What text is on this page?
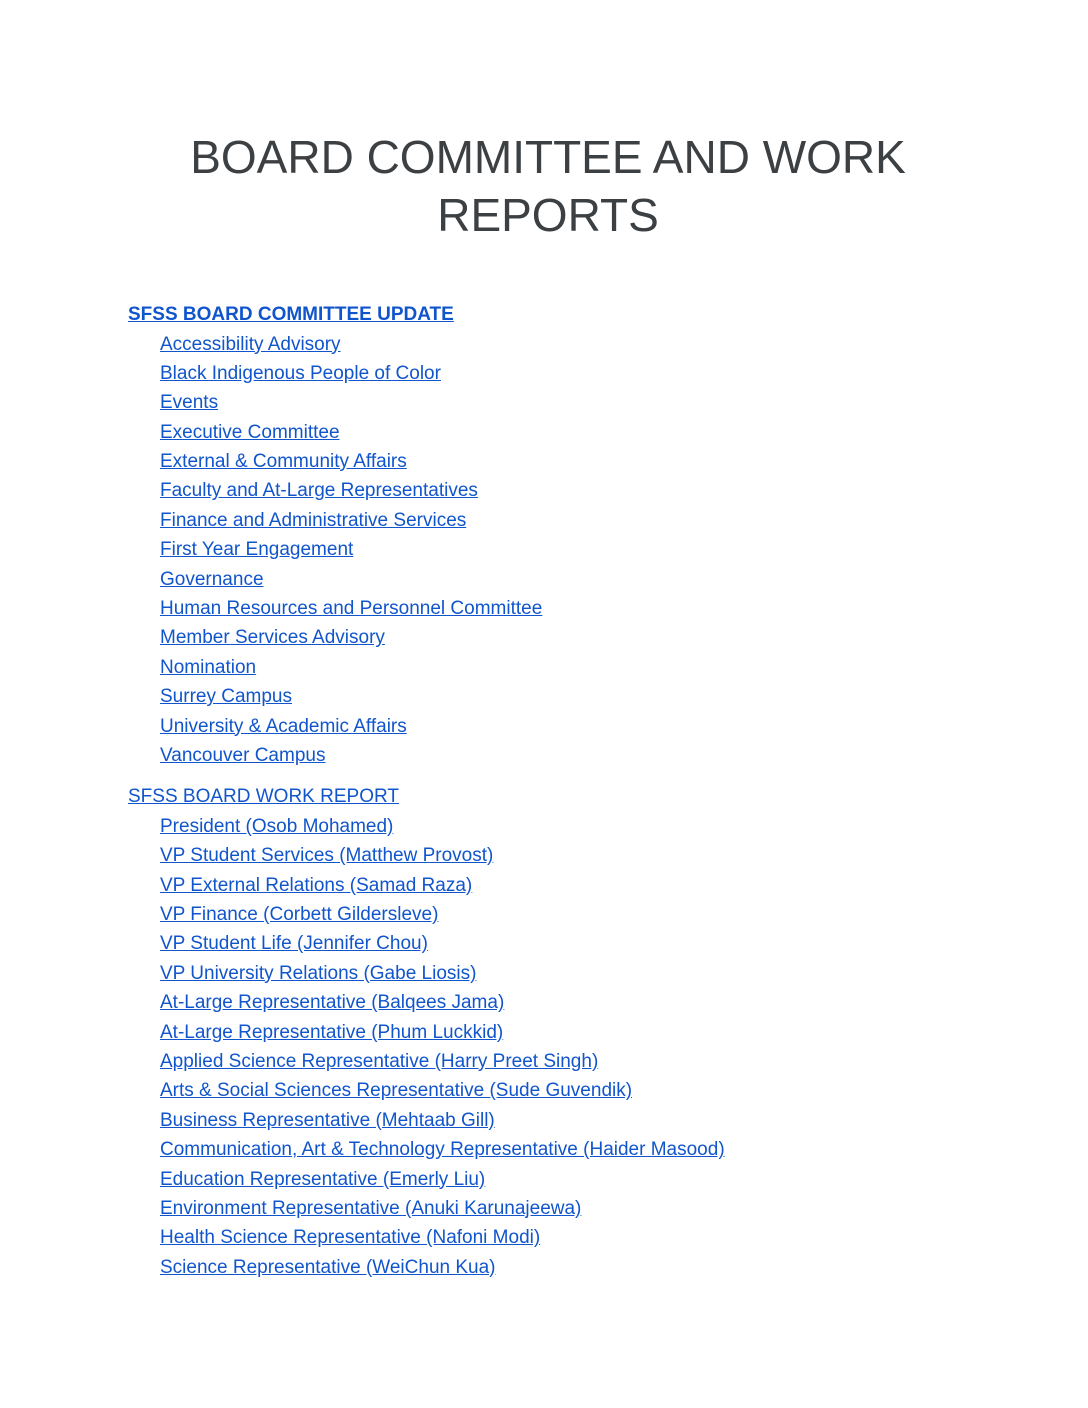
BOARD COMMITTEE AND WORK
REPORTS
SFSS BOARD COMMITTEE UPDATE
Accessibility Advisory
Black Indigenous People of Color
Events
Executive Committee
External & Community Affairs
Faculty and At-Large Representatives
Finance and Administrative Services
First Year Engagement
Governance
Human Resources and Personnel Committee
Member Services Advisory
Nomination
Surrey Campus
University & Academic Affairs
Vancouver Campus
SFSS BOARD WORK REPORT
President (Osob Mohamed)
VP Student Services (Matthew Provost)
VP External Relations (Samad Raza)
VP Finance (Corbett Gildersleve)
VP Student Life (Jennifer Chou)
VP University Relations (Gabe Liosis)
At-Large Representative (Balqees Jama)
At-Large Representative (Phum Luckkid)
Applied Science Representative (Harry Preet Singh)
Arts & Social Sciences Representative (Sude Guvendik)
Business Representative (Mehtaab Gill)
Communication, Art & Technology Representative (Haider Masood)
Education Representative (Emerly Liu)
Environment Representative (Anuki Karunajeewa)
Health Science Representative (Nafoni Modi)
Science Representative (WeiChun Kua)
